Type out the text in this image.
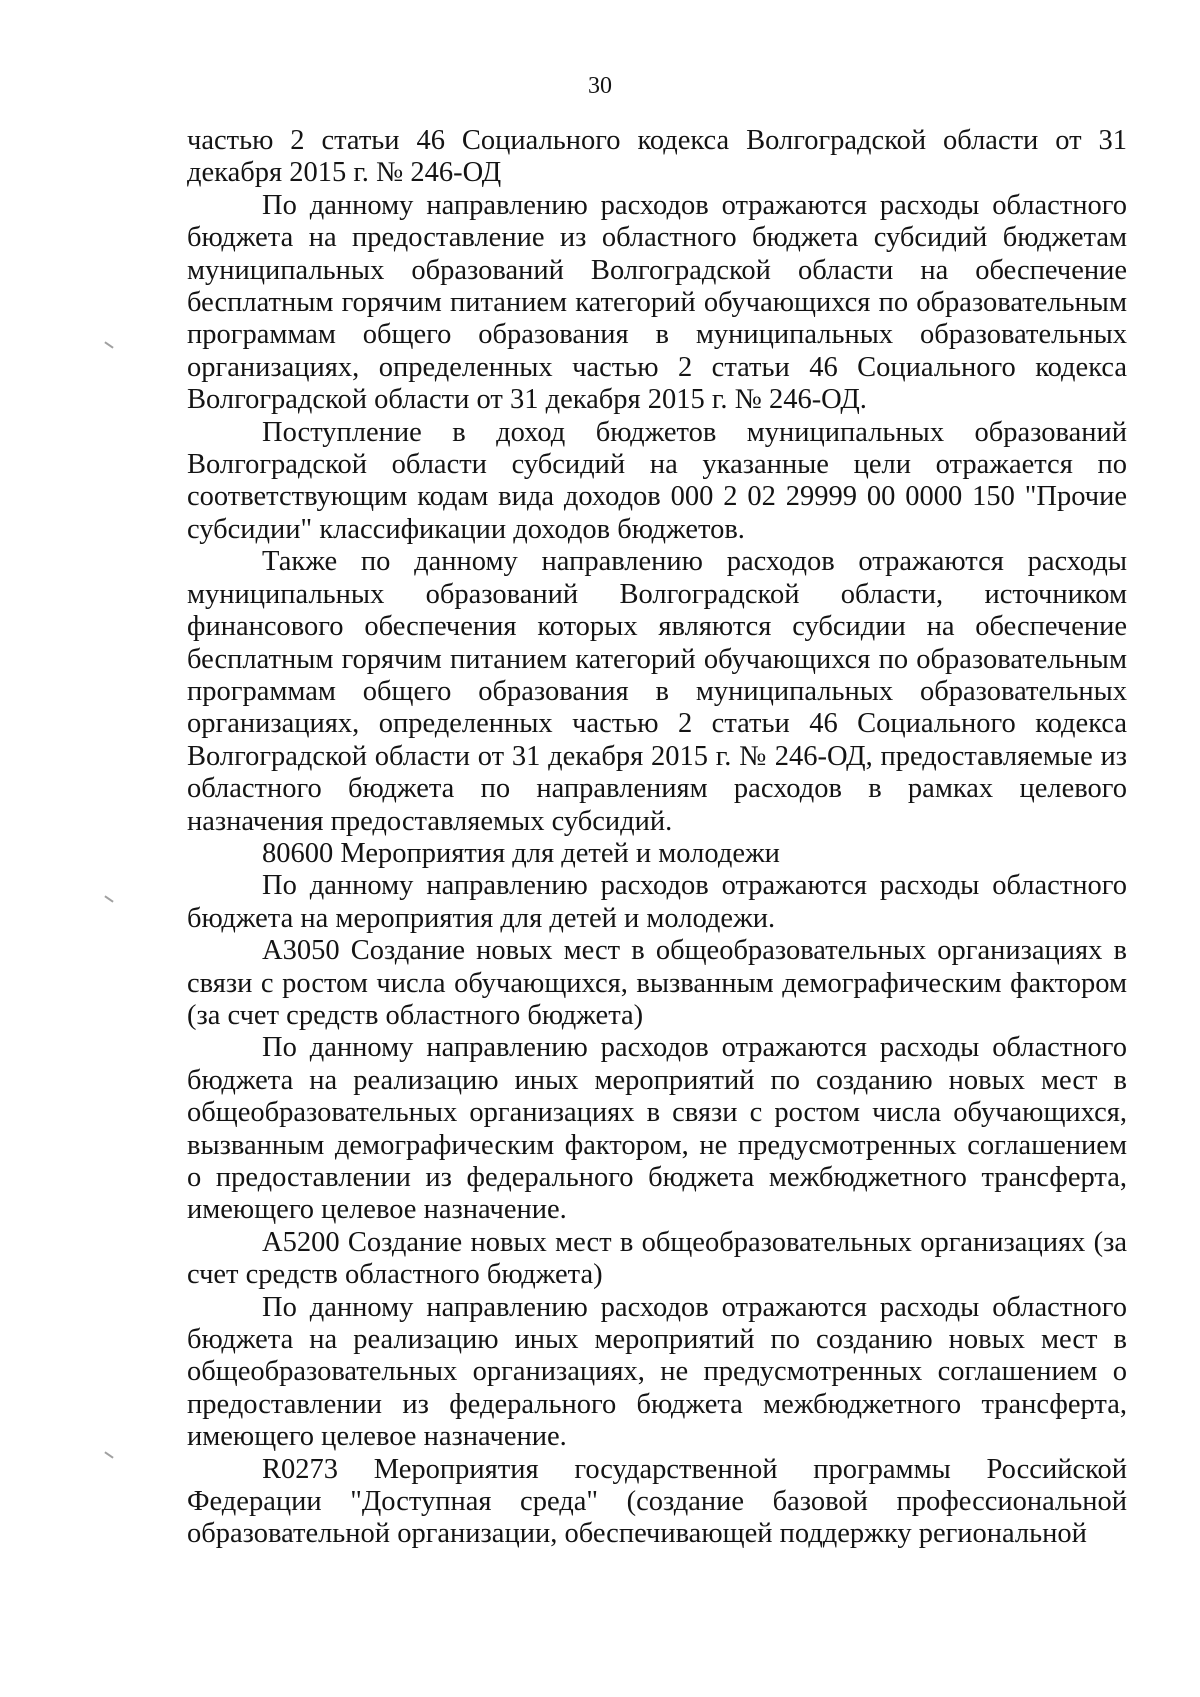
30

частью 2 статьи 46 Социального кодекса Волгоградской области от 31 декабря 2015 г. № 246-ОД

По данному направлению расходов отражаются расходы областного бюджета на предоставление из областного бюджета субсидий бюджетам муниципальных образований Волгоградской области на обеспечение бесплатным горячим питанием категорий обучающихся по образовательным программам общего образования в муниципальных образовательных организациях, определенных частью 2 статьи 46 Социального кодекса Волгоградской области от 31 декабря 2015 г. № 246-ОД.

Поступление в доход бюджетов муниципальных образований Волгоградской области субсидий на указанные цели отражается по соответствующим кодам вида доходов 000 2 02 29999 00 0000 150 "Прочие субсидии" классификации доходов бюджетов.

Также по данному направлению расходов отражаются расходы муниципальных образований Волгоградской области, источником финансового обеспечения которых являются субсидии на обеспечение бесплатным горячим питанием категорий обучающихся по образовательным программам общего образования в муниципальных образовательных организациях, определенных частью 2 статьи 46 Социального кодекса Волгоградской области от 31 декабря 2015 г. № 246-ОД, предоставляемые из областного бюджета по направлениям расходов в рамках целевого назначения предоставляемых субсидий.

80600 Мероприятия для детей и молодежи

По данному направлению расходов отражаются расходы областного бюджета на мероприятия для детей и молодежи.

А3050 Создание новых мест в общеобразовательных организациях в связи с ростом числа обучающихся, вызванным демографическим фактором (за счет средств областного бюджета)

По данному направлению расходов отражаются расходы областного бюджета на реализацию иных мероприятий по созданию новых мест в общеобразовательных организациях в связи с ростом числа обучающихся, вызванным демографическим фактором, не предусмотренных соглашением о предоставлении из федерального бюджета межбюджетного трансферта, имеющего целевое назначение.

А5200 Создание новых мест в общеобразовательных организациях (за счет средств областного бюджета)

По данному направлению расходов отражаются расходы областного бюджета на реализацию иных мероприятий по созданию новых мест в общеобразовательных организациях, не предусмотренных соглашением о предоставлении из федерального бюджета межбюджетного трансферта, имеющего целевое назначение.

R0273 Мероприятия государственной программы Российской Федерации "Доступная среда" (создание базовой профессиональной образовательной организации, обеспечивающей поддержку региональной
